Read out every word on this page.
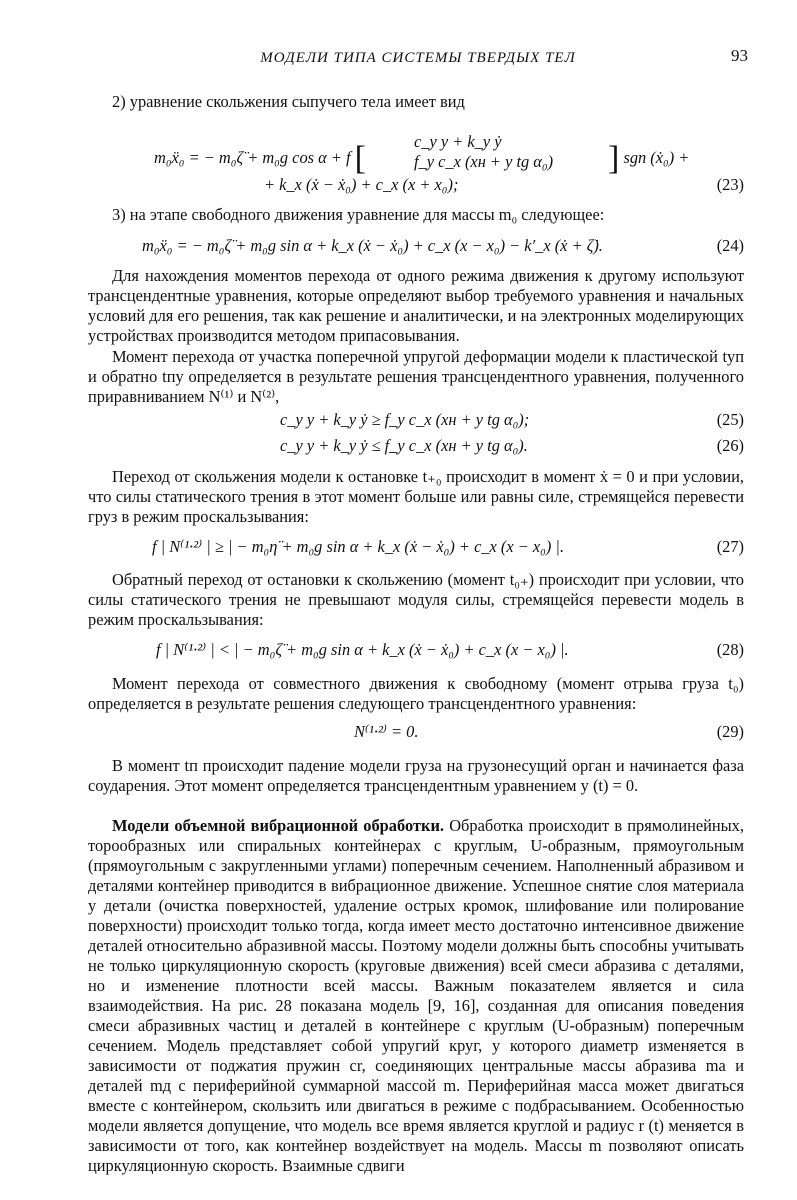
МОДЕЛИ ТИПА СИСТЕМЫ ТВЕРДЫХ ТЕЛ	93

2) уравнение скольжения сыпучего тела имеет вид

m₀ẍ₀ = − m₀ζ̈ + m₀g cos α + f [	c_y y + k_y ẏ
f_y c_x (xн + y tg α₀) ] sgn (ẋ₀) +
+ k_x (ẋ − ẋ₀) + c_x (x + x₀);	(23)

3) на этапе свободного движения уравнение для массы m₀ следующее:

m₀ẍ₀ = − m₀ζ̈ + m₀g sin α + k_x (ẋ − ẋ₀) + c_x (x − x₀) − k′_x (ẋ + ζ̇).	(24)

Для нахождения моментов перехода от одного режима движения к другому используют трансцендентные уравнения, которые определяют выбор требуемого уравнения и начальных условий для его решения, так как решение и аналитически, и на электронных моделирующих устройствах производится методом припасовывания.

Момент перехода от участка поперечной упругой деформации модели к пластической tуп и обратно tпу определяется в результате решения трансцендентного уравнения, полученного приравниванием N⁽¹⁾ и N⁽²⁾,

c_y y + k_y ẏ ≥ f_y c_x (xн + y tg α₀);	(25)
c_y y + k_y ẏ ≤ f_y c_x (xн + y tg α₀).	(26)

Переход от скольжения модели к остановке t₊₀ происходит в момент ẋ = 0 и при условии, что силы статического трения в этот момент больше или равны силе, стремящейся перевести груз в режим проскальзывания:

f | N⁽¹·²⁾ | ≥ | − m₀η̈ + m₀g sin α + k_x (ẋ − ẋ₀) + c_x (x − x₀) |.	(27)

Обратный переход от остановки к скольжению (момент t₀₊) происходит при условии, что силы статического трения не превышают модуля силы, стремящейся перевести модель в режим проскальзывания:

f | N⁽¹·²⁾ | < | − m₀ζ̈ + m₀g sin α + k_x (ẋ − ẋ₀) + c_x (x − x₀) |.	(28)

Момент перехода от совместного движения к свободному (момент отрыва груза t₀) определяется в результате решения следующего трансцендентного уравнения:

N⁽¹·²⁾ = 0.	(29)

В момент tп происходит падение модели груза на грузонесущий орган и начинается фаза соударения. Этот момент определяется трансцендентным уравнением y (t) = 0.

Модели объемной вибрационной обработки. Обработка происходит в прямолинейных, торообразных или спиральных контейнерах с круглым, U-образным, прямоугольным (прямоугольным с закругленными углами) поперечным сечением. Наполненный абразивом и деталями контейнер приводится в вибрационное движение. Успешное снятие слоя материала у детали (очистка поверхностей, удаление острых кромок, шлифование или полирование поверхности) происходит только тогда, когда имеет место достаточно интенсивное движение деталей относительно абразивной массы. Поэтому модели должны быть способны учитывать не только циркуляционную скорость (круговые движения) всей смеси абразива с деталями, но и изменение плотности всей массы. Важным показателем является и сила взаимодействия. На рис. 28 показана модель [9, 16], созданная для описания поведения смеси абразивных частиц и деталей в контейнере с круглым (U-образным) поперечным сечением. Модель представляет собой упругий круг, у которого диаметр изменяется в зависимости от поджатия пружин cr, соединяющих центральные массы абразива mа и деталей mд с периферийной суммарной массой m. Периферийная масса может двигаться вместе с контейнером, скользить или двигаться в режиме с подбрасыванием. Особенностью модели является допущение, что модель все время является круглой и радиус r (t) меняется в зависимости от того, как контейнер воздействует на модель. Массы m позволяют описать циркуляционную скорость. Взаимные сдвиги
